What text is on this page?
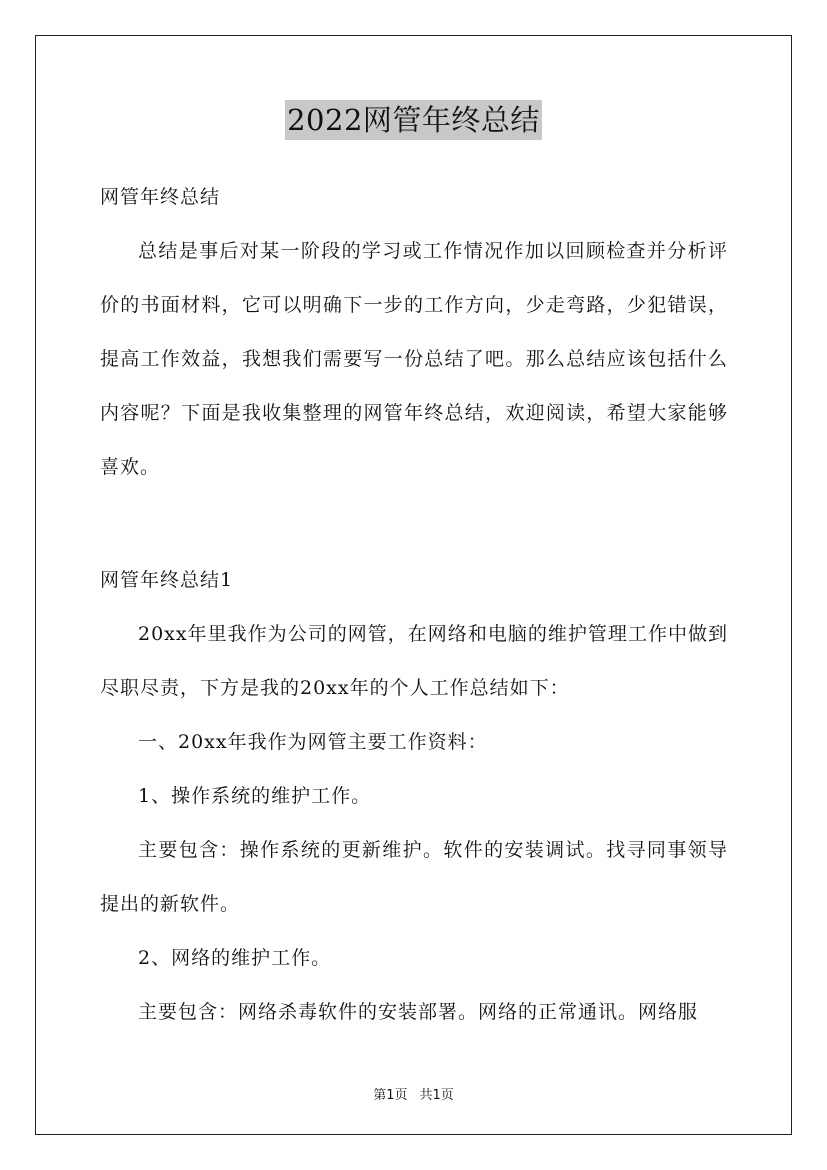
2022网管年终总结

网管年终总结

总结是事后对某一阶段的学习或工作情况作加以回顾检查并分析评价的书面材料，它可以明确下一步的工作方向，少走弯路，少犯错误，提高工作效益，我想我们需要写一份总结了吧。那么总结应该包括什么内容呢？下面是我收集整理的网管年终总结，欢迎阅读，希望大家能够喜欢。

网管年终总结1

20xx年里我作为公司的网管，在网络和电脑的维护管理工作中做到尽职尽责，下方是我的20xx年的个人工作总结如下：

一、20xx年我作为网管主要工作资料：

1、操作系统的维护工作。

主要包含：操作系统的更新维护。软件的安装调试。找寻同事领导提出的新软件。

2、网络的维护工作。

主要包含：网络杀毒软件的安装部署。网络的正常通讯。网络服

第1页 共1页
